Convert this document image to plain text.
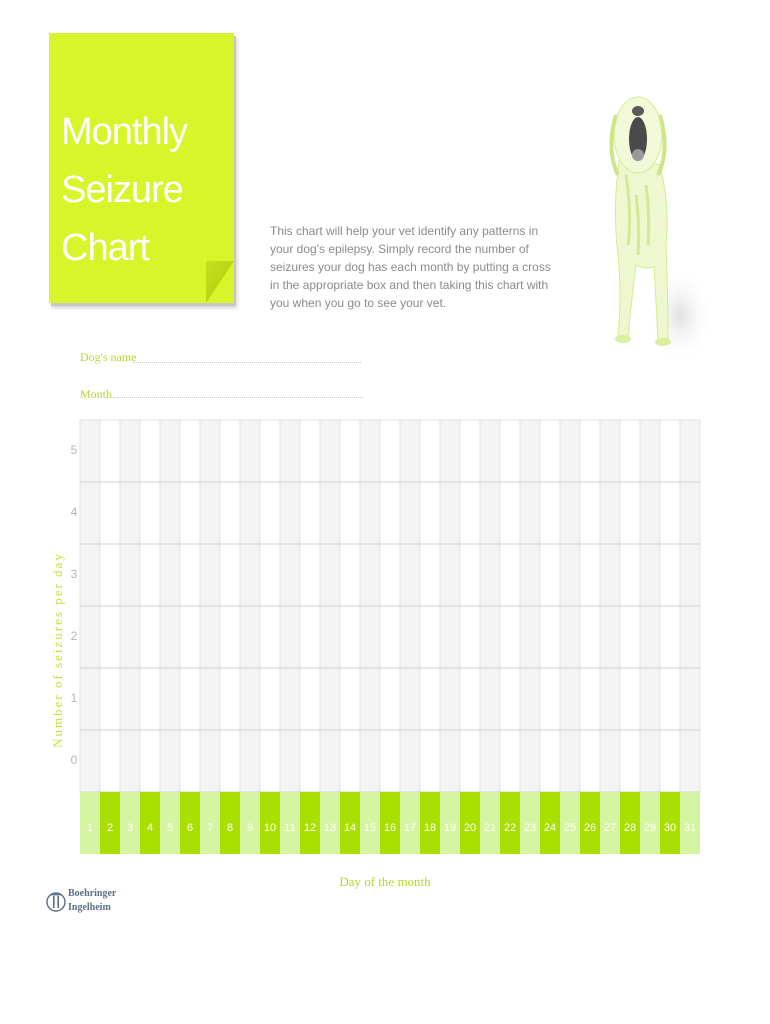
Monthly
Seizure
Chart	This chart will help your vet identify any patterns in your dog's epilepsy. Simply record the number of seizures your dog has each month by putting a cross in the appropriate box and then taking this chart with you when you go to see your vet.

Dog's name
Month
Number of seizures per day
5
4
3
2
1
0
1 2 3 4 5 6 7 8 9 10 11 12 13 14 15 16 17 18 19 20 21 22 23 24 25 26 27 28 29 30 31
Day of the month
Boehringer
Ingelheim
